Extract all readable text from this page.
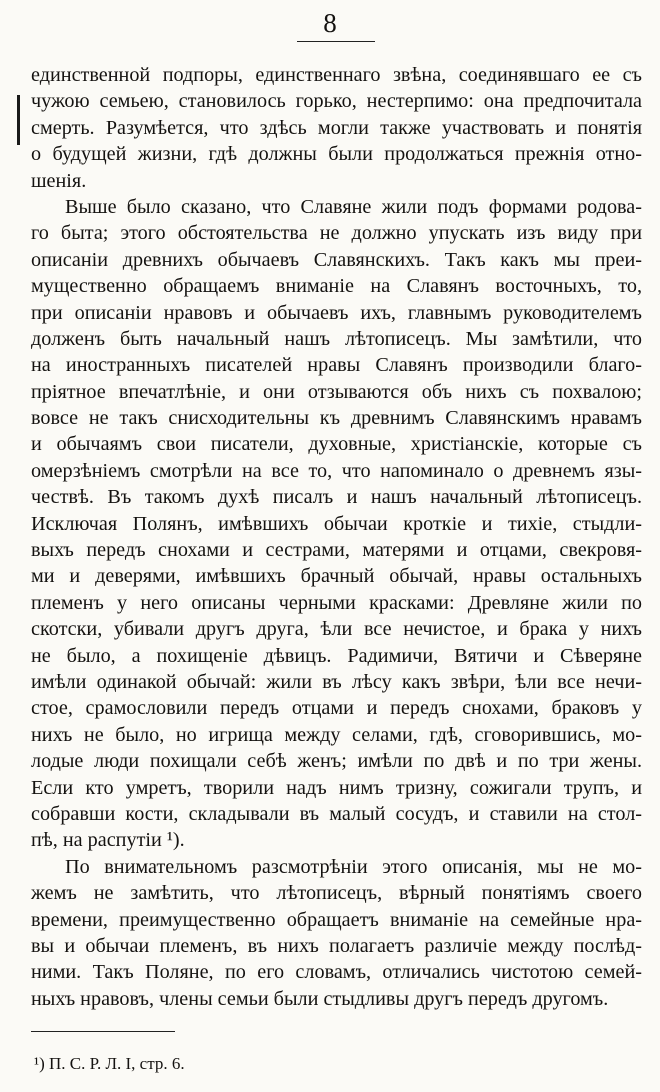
8
единственной подпоры, единственнаго звѣна, соединявшаго ее съ
чужою семьею, становилось горько, нестерпимо: она предпочитала
смерть. Разумѣется, что здѣсь могли также участвовать и понятія
о будущей жизни, гдѣ должны были продолжаться прежнія отно-
шенія.
Выше было сказано, что Славяне жили подъ формами родова-
го быта; этого обстоятельства не должно упускать изъ виду при
описаніи древнихъ обычаевъ Славянскихъ. Такъ какъ мы преи-
мущественно обращаемъ вниманіе на Славянъ восточныхъ, то,
при описаніи нравовъ и обычаевъ ихъ, главнымъ руководителемъ
долженъ быть начальный нашъ лѣтописецъ. Мы замѣтили, что
на иностранныхъ писателей нравы Славянъ производили благо-
пріятное впечатлѣніе, и они отзываются объ нихъ съ похвалою;
вовсе не такъ снисходительны къ древнимъ Славянскимъ нравамъ
и обычаямъ свои писатели, духовные, христіанскіе, которые съ
омерзѣніемъ смотрѣли на все то, что напоминало о древнемъ язы-
чествѣ. Въ такомъ духѣ писалъ и нашъ начальный лѣтописецъ.
Исключая Полянъ, имѣвшихъ обычаи кроткіе и тихіе, стыдли-
выхъ передъ снохами и сестрами, матерями и отцами, свекровя-
ми и деверями, имѣвшихъ брачный обычай, нравы остальныхъ
племенъ у него описаны черными красками: Древляне жили по
скотски, убивали другъ друга, ѣли все нечистое, и брака у нихъ
не было, а похищеніе дѣвицъ. Радимичи, Вятичи и Сѣверяне
имѣли одинакой обычай: жили въ лѣсу какъ звѣри, ѣли все нечи-
стое, срамословили передъ отцами и передъ снохами, браковъ у
нихъ не было, но игрища между селами, гдѣ, сговорившись, мо-
лодые люди похищали себѣ женъ; имѣли по двѣ и по три жены.
Если кто умретъ, творили надъ нимъ тризну, сожигали трупъ, и
собравши кости, складывали въ малый сосудъ, и ставили на стол-
пѣ, на распутіи ¹).
По внимательномъ разсмотрѣніи этого описанія, мы не мо-
жемъ не замѣтить, что лѣтописецъ, вѣрный понятіямъ своего
времени, преимущественно обращаетъ вниманіе на семейные нра-
вы и обычаи племенъ, въ нихъ полагаетъ различіе между послѣд-
ними. Такъ Поляне, по его словамъ, отличались чистотою семей-
ныхъ нравовъ, члены семьи были стыдливы другъ передъ другомъ.
¹) П. С. Р. Л. I, стр. 6.
